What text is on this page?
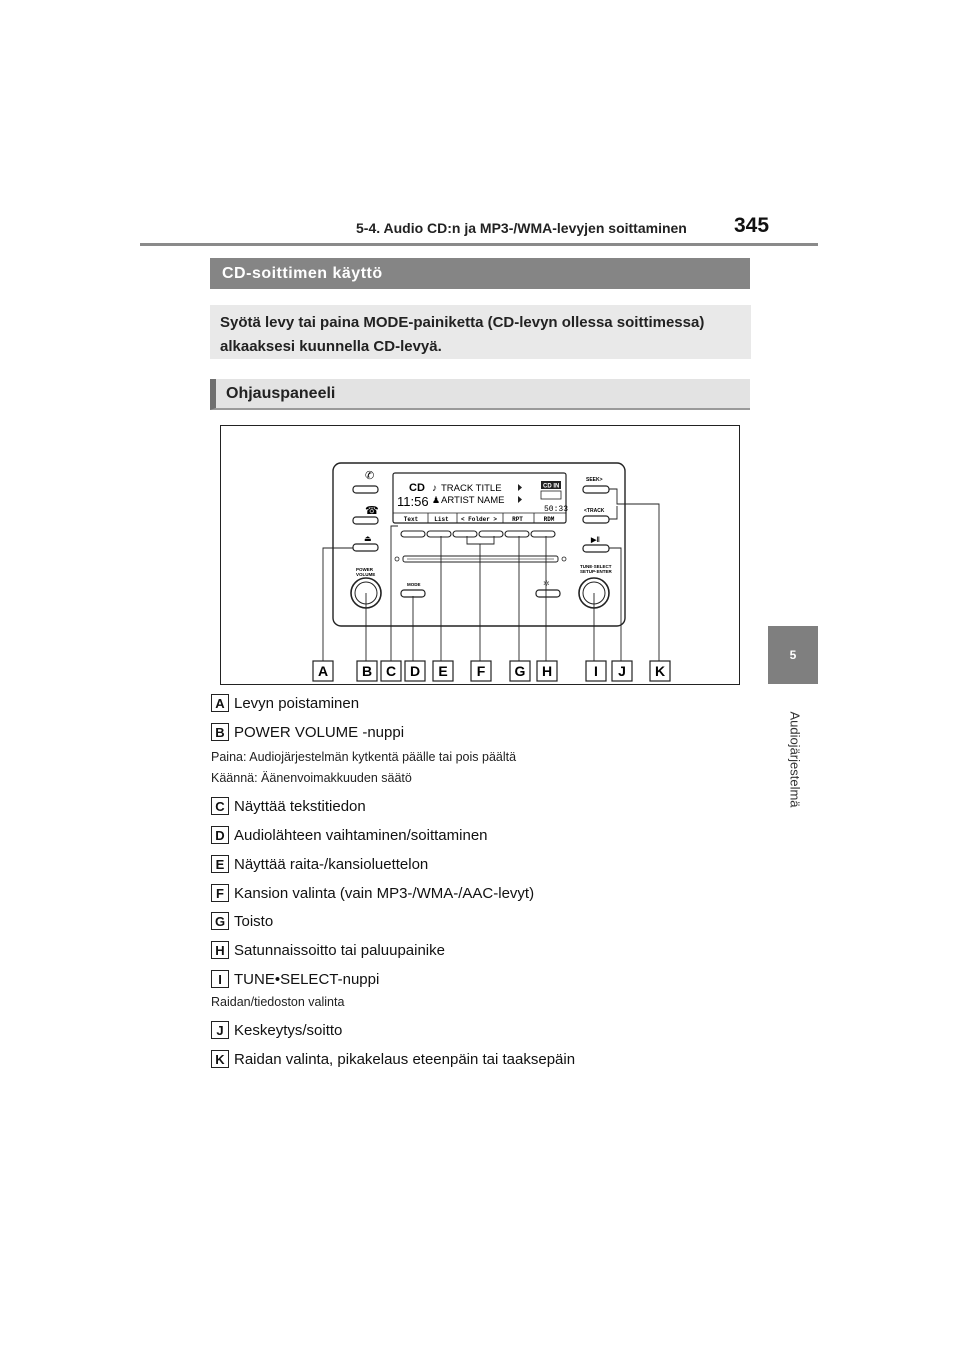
5-4. Audio CD:n ja MP3-/WMA-levyjen soittaminen 345
5
Audiojärjestelmä
CD-soittimen käyttö
Syötä levy tai paina MODE-painiketta (CD-levyn ollessa soittimessa) alkaaksesi kuunnella CD-levyä.
Ohjauspaneeli
CD ♪ TRACK TITLE
11:56 ♟ ARTIST NAME
CD IN
50:33
Text	List < Folder >	RPT	RDM
✆
☎
⏏
POWER
VOLUME
MODE	✲
SEEK>
<TRACK
▶‖
TUNE·SELECT
SETUP·ENTER
A B C D E F G H	I J K
A Levyn poistaminen
B POWER VOLUME -nuppi
Paina: Audiojärjestelmän kytkentä päälle tai pois päältä
Käännä: Äänenvoimakkuuden säätö
C Näyttää tekstitiedon
D Audiolähteen vaihtaminen/soittaminen
E Näyttää raita-/kansioluettelon
F Kansion valinta (vain MP3-/WMA-/AAC-levyt)
G Toisto
H Satunnaissoitto tai paluupainike
I TUNE•SELECT-nuppi
Raidan/tiedoston valinta
J Keskeytys/soitto
K Raidan valinta, pikakelaus eteenpäin tai taaksepäin
